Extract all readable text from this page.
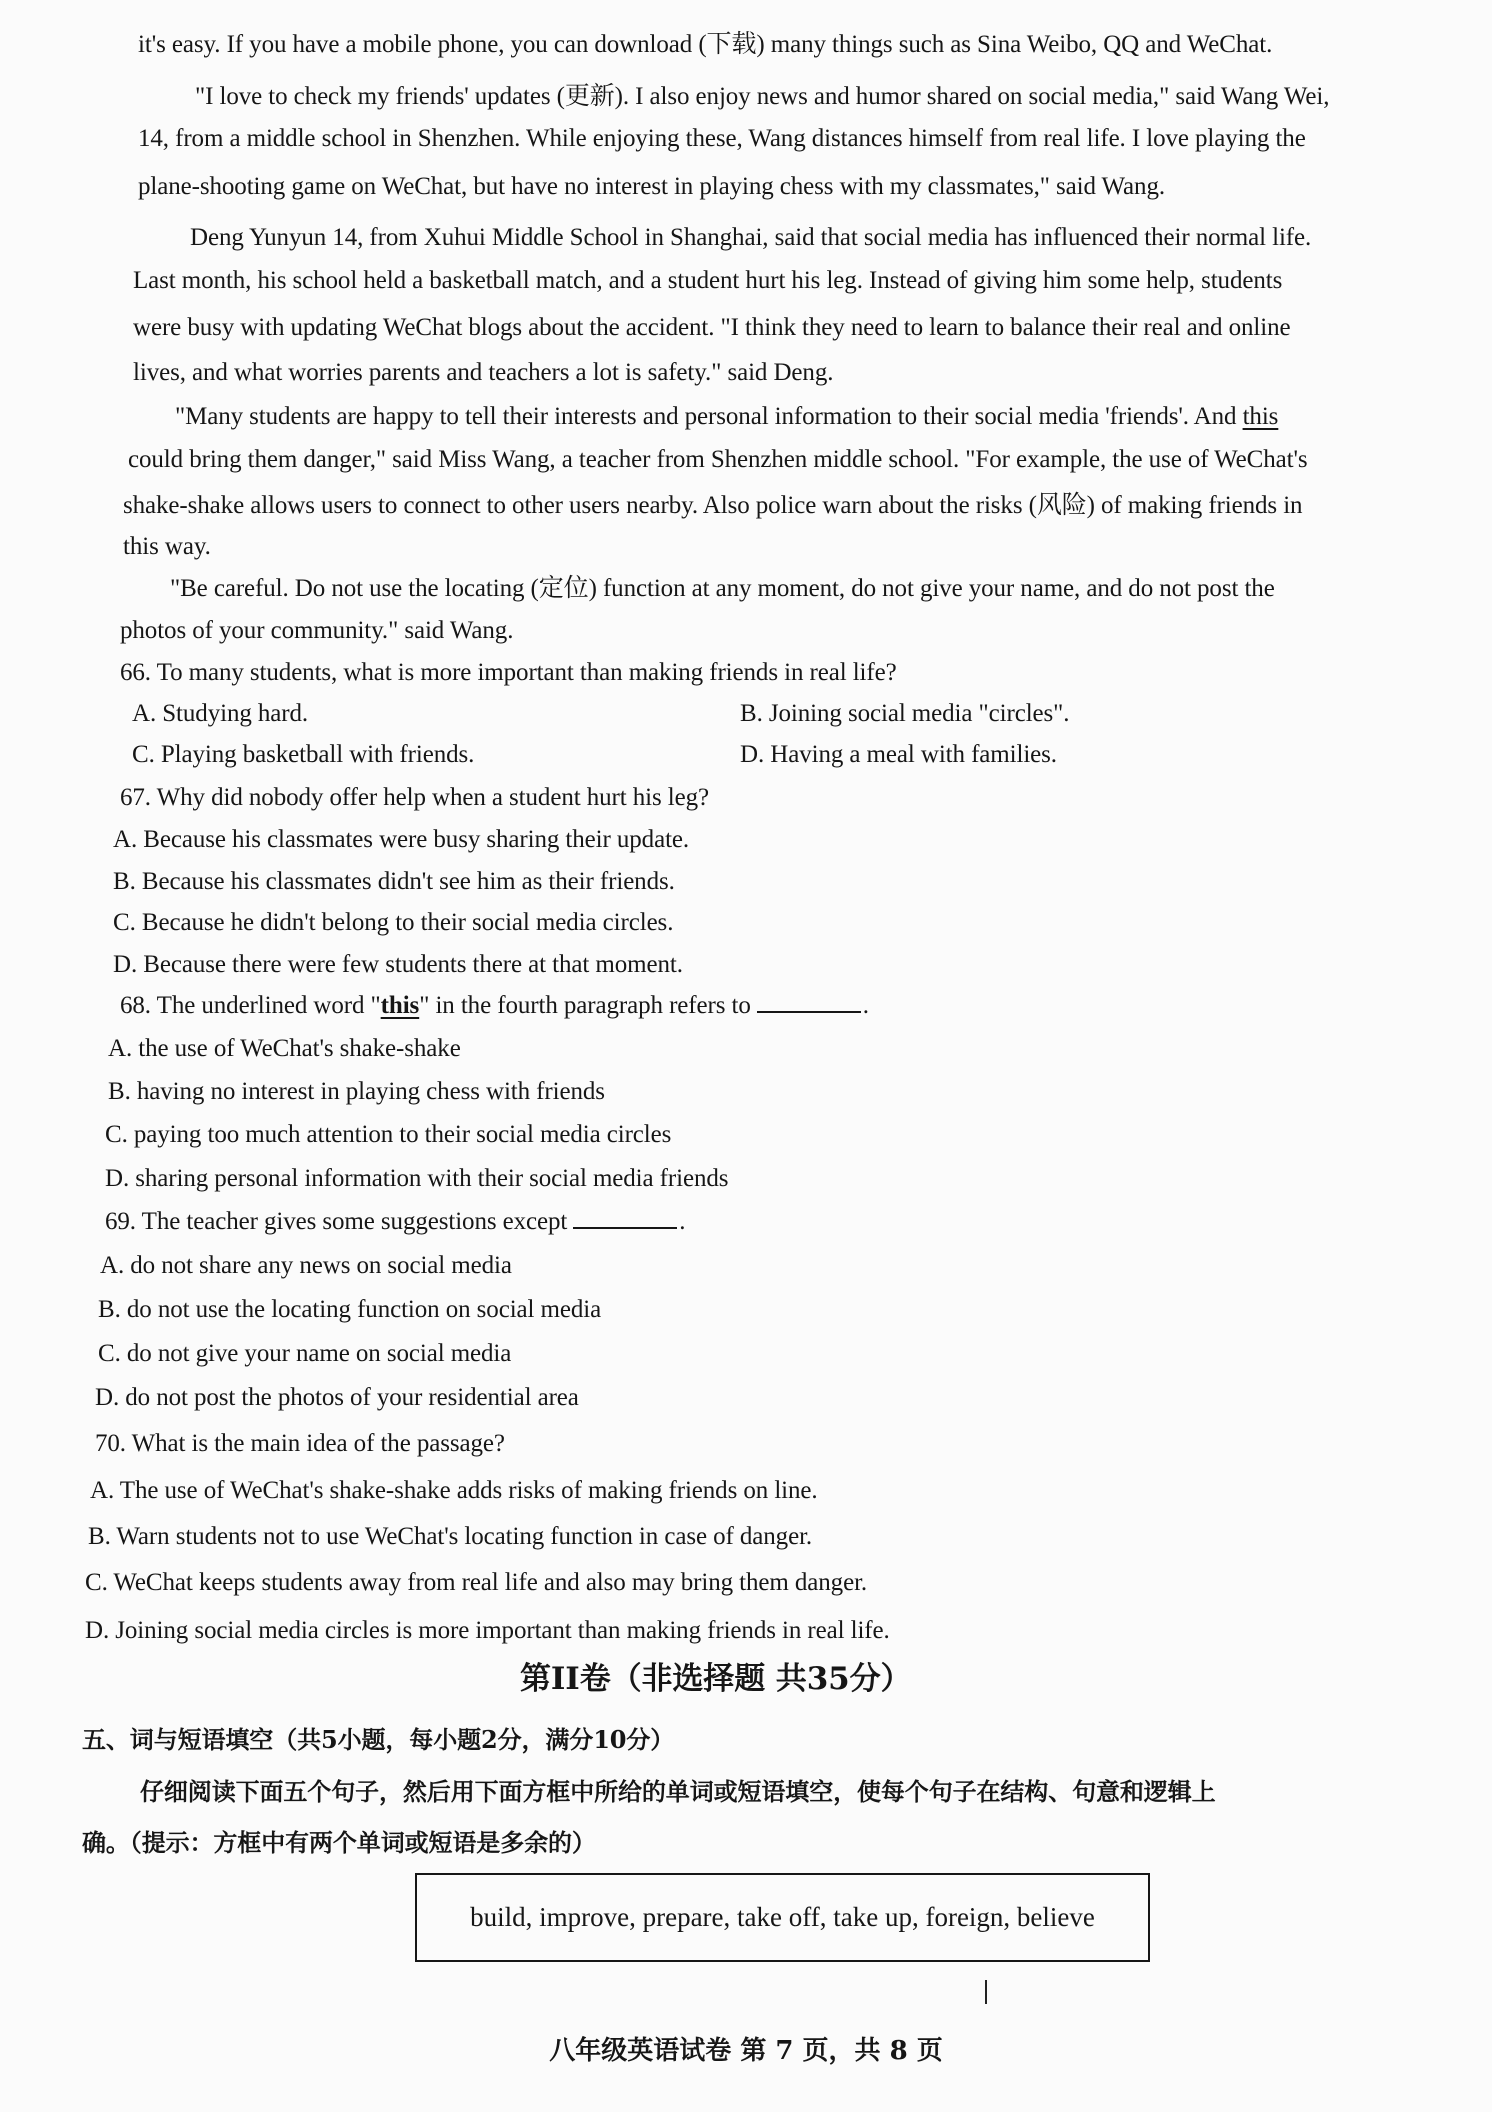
it's easy. If you have a mobile phone, you can download (下载) many things such as Sina Weibo, QQ and WeChat.
"I love to check my friends' updates (更新). I also enjoy news and humor shared on social media," said Wang Wei,
14, from a middle school in Shenzhen. While enjoying these, Wang distances himself from real life. I love playing the
plane-shooting game on WeChat, but have no interest in playing chess with my classmates," said Wang.
Deng Yunyun 14, from Xuhui Middle School in Shanghai, said that social media has influenced their normal life.
Last month, his school held a basketball match, and a student hurt his leg. Instead of giving him some help, students
were busy with updating WeChat blogs about the accident. "I think they need to learn to balance their real and online
lives, and what worries parents and teachers a lot is safety." said Deng.
"Many students are happy to tell their interests and personal information to their social media 'friends'. And this
could bring them danger," said Miss Wang, a teacher from Shenzhen middle school. "For example, the use of WeChat's
shake-shake allows users to connect to other users nearby. Also police warn about the risks (风险) of making friends in
this way.
"Be careful. Do not use the locating (定位) function at any moment, do not give your name, and do not post the
photos of your community." said Wang.
66. To many students, what is more important than making friends in real life?
A. Studying hard.	B. Joining social media "circles".
C. Playing basketball with friends.	D. Having a meal with families.
67. Why did nobody offer help when a student hurt his leg?
A. Because his classmates were busy sharing their update.
B. Because his classmates didn't see him as their friends.
C. Because he didn't belong to their social media circles.
D. Because there were few students there at that moment.
68. The underlined word "this" in the fourth paragraph refers to	.
A. the use of WeChat's shake-shake
B. having no interest in playing chess with friends
C. paying too much attention to their social media circles
D. sharing personal information with their social media friends
69. The teacher gives some suggestions except	.
A. do not share any news on social media
B. do not use the locating function on social media
C. do not give your name on social media
D. do not post the photos of your residential area
70. What is the main idea of the passage?
A. The use of WeChat's shake-shake adds risks of making friends on line.
B. Warn students not to use WeChat's locating function in case of danger.
C. WeChat keeps students away from real life and also may bring them danger.
D. Joining social media circles is more important than making friends in real life.
第II卷（非选择题 共35分）
五、词与短语填空（共5小题，每小题2分，满分10分）
仔细阅读下面五个句子，然后用下面方框中所给的单词或短语填空，使每个句子在结构、句意和逻辑上
确。（提示：方框中有两个单词或短语是多余的）
build, improve, prepare, take off, take up, foreign, believe
八年级英语试卷 第 7 页，共 8 页
